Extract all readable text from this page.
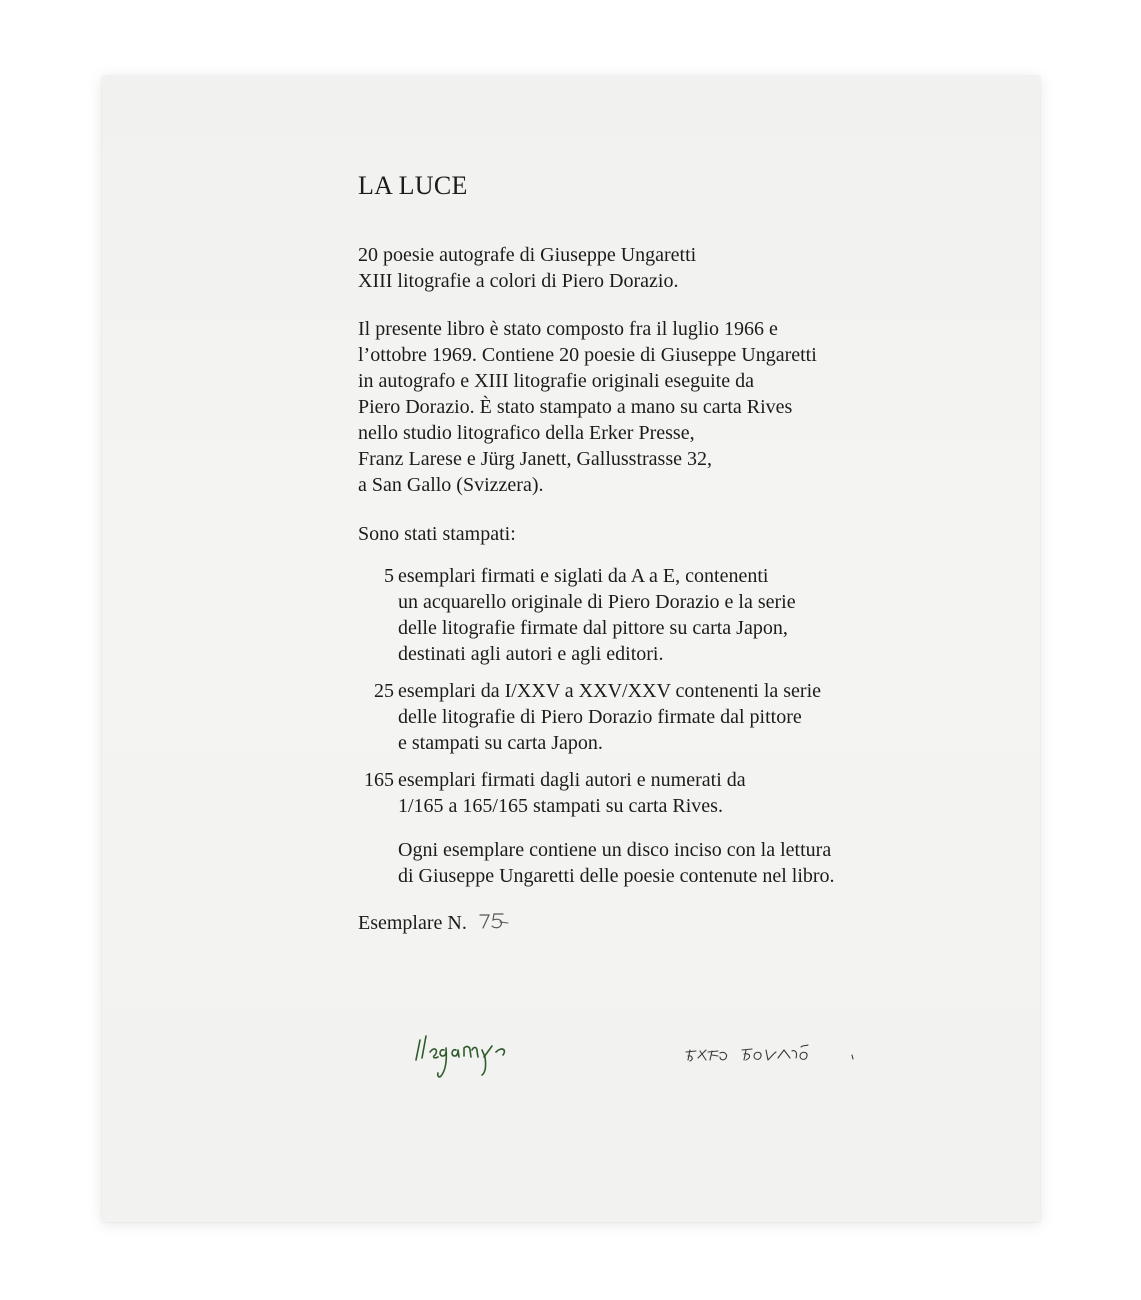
LA LUCE
20 poesie autografe di Giuseppe Ungaretti
XIII litografie a colori di Piero Dorazio.
Il presente libro è stato composto fra il luglio 1966 e
l’ottobre 1969. Contiene 20 poesie di Giuseppe Ungaretti
in autografo e XIII litografie originali eseguite da
Piero Dorazio. È stato stampato a mano su carta Rives
nello studio litografico della Erker Presse,
Franz Larese e Jürg Janett, Gallusstrasse 32,
a San Gallo (Svizzera).
Sono stati stampati:
5 esemplari firmati e siglati da A a E, contenenti
un acquarello originale di Piero Dorazio e la serie
delle litografie firmate dal pittore su carta Japon,
destinati agli autori e agli editori.
25 esemplari da I/XXV a XXV/XXV contenenti la serie
delle litografie di Piero Dorazio firmate dal pittore
e stampati su carta Japon.
165 esemplari firmati dagli autori e numerati da
1/165 a 165/165 stampati su carta Rives.
Ogni esemplare contiene un disco inciso con la lettura
di Giuseppe Ungaretti delle poesie contenute nel libro.
Esemplare N.
